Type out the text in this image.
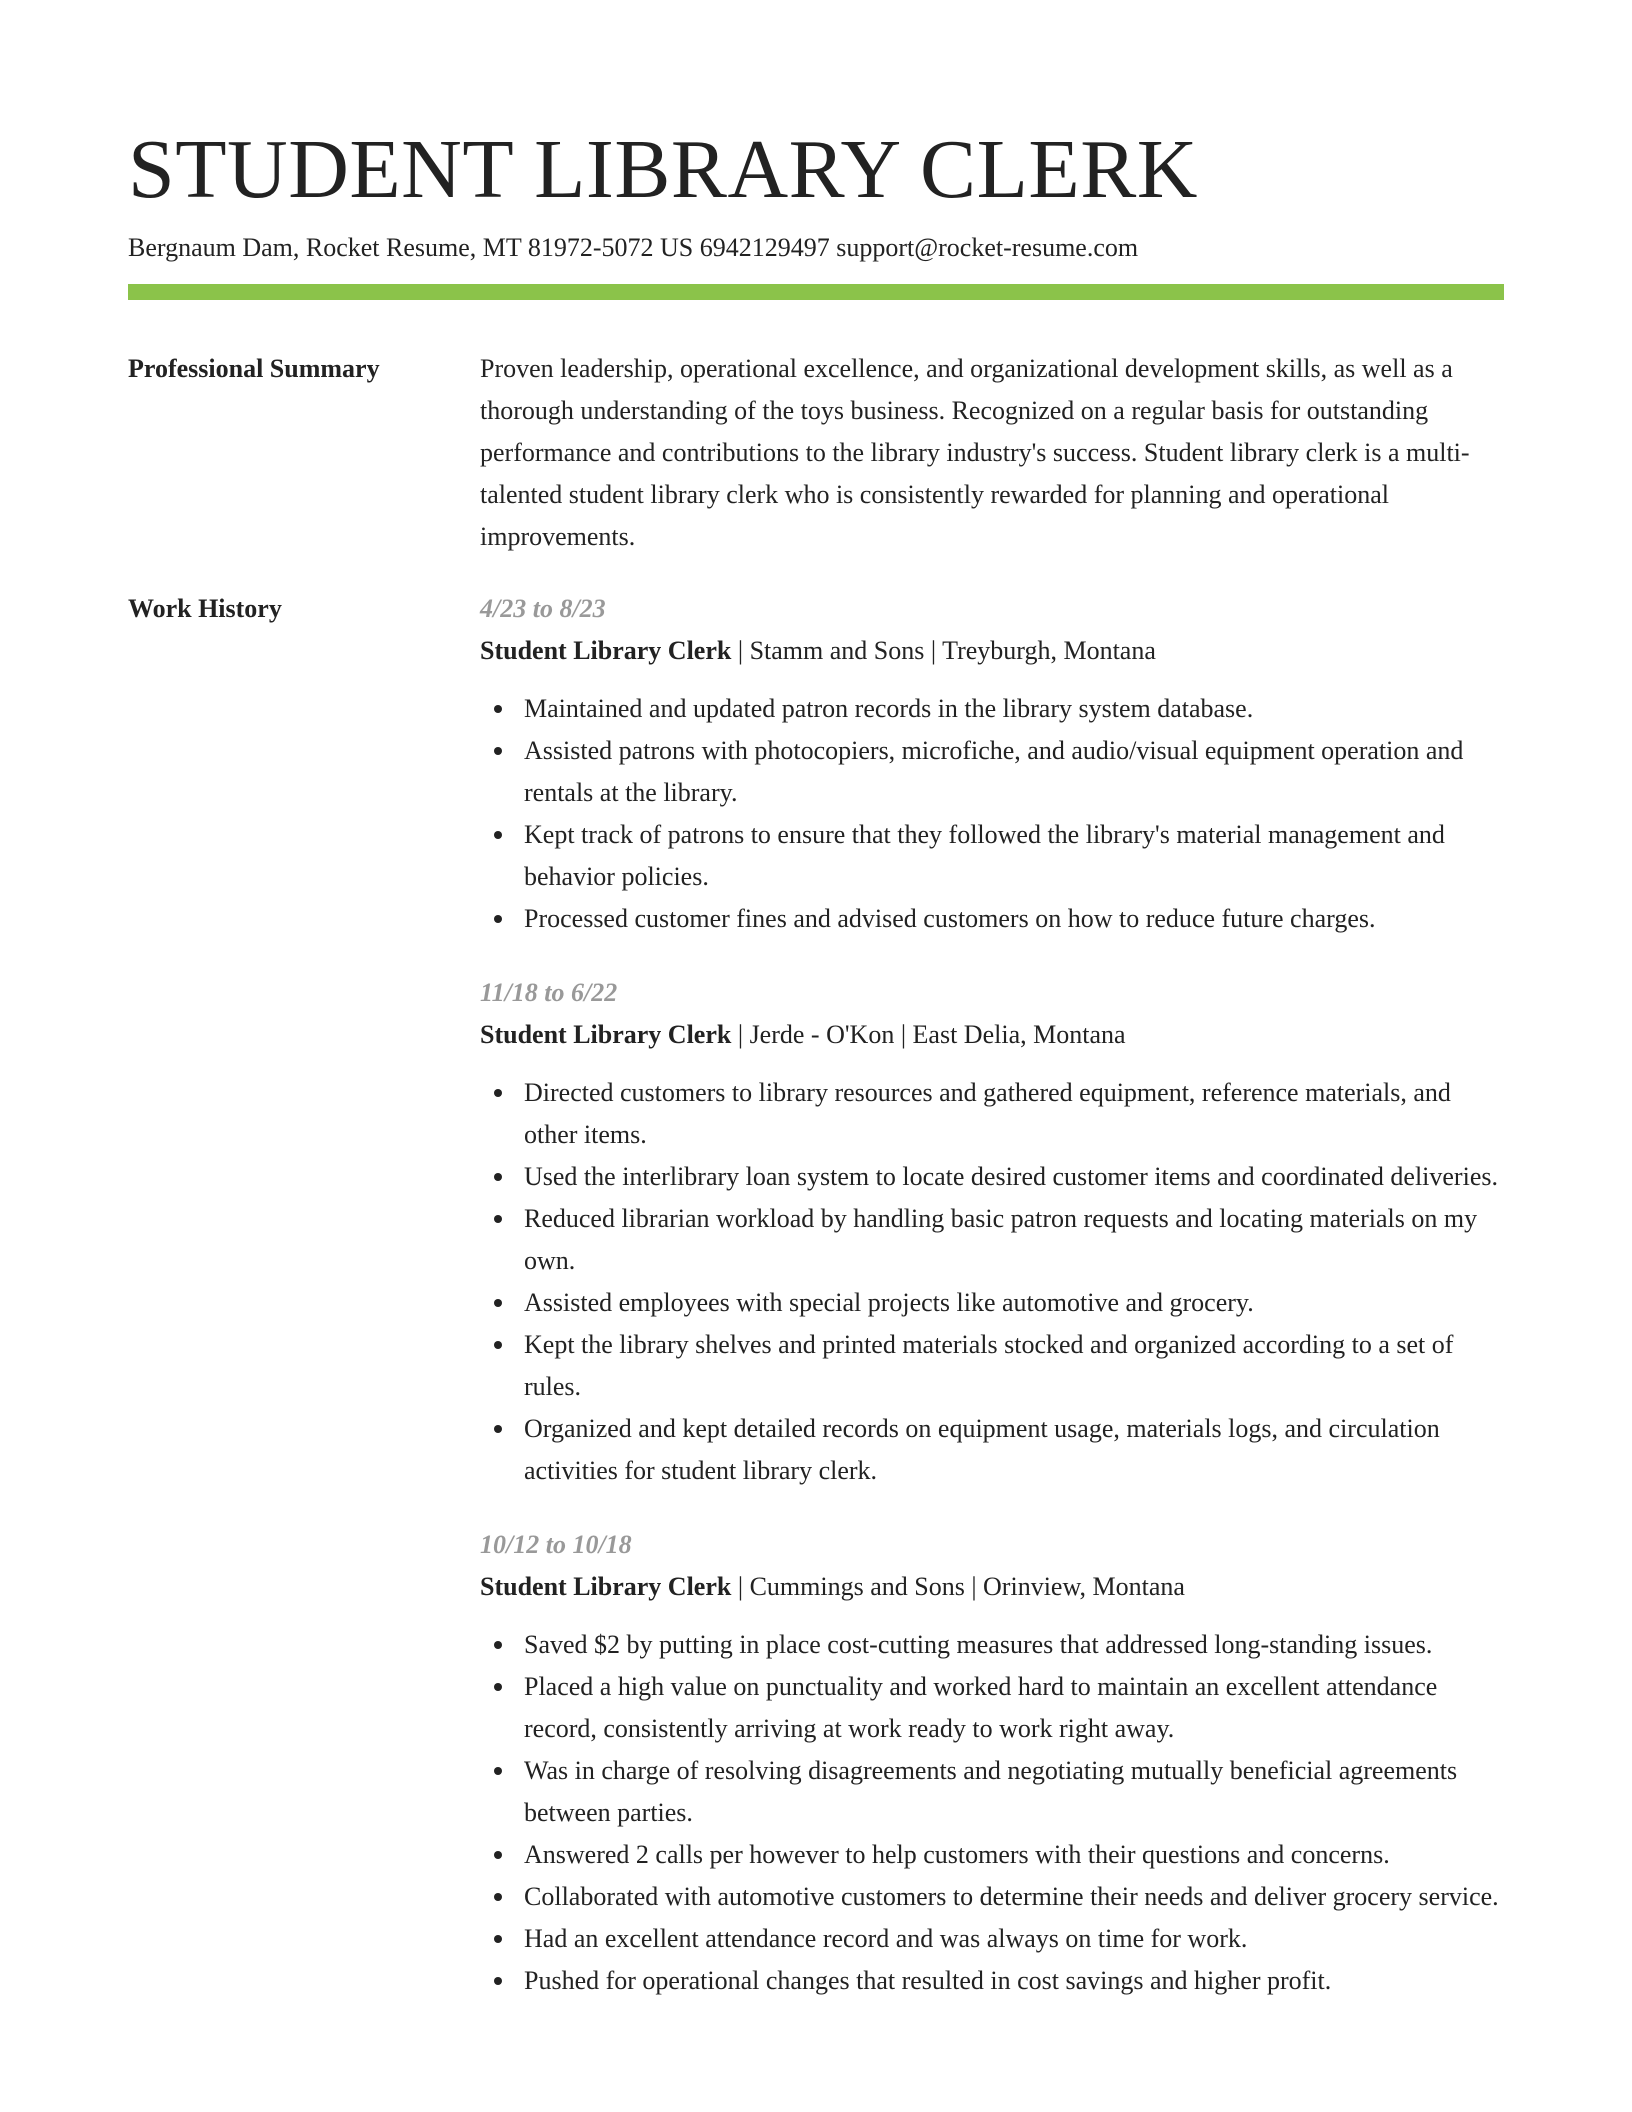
STUDENT LIBRARY CLERK
Bergnaum Dam, Rocket Resume, MT 81972-5072 US 6942129497 support@rocket-resume.com
Professional Summary	Proven leadership, operational excellence, and organizational development skills, as well as a thorough understanding of the toys business. Recognized on a regular basis for outstanding performance and contributions to the library industry's success. Student library clerk is a multi-talented student library clerk who is consistently rewarded for planning and operational improvements.

Work History	4/23 to 8/23
Student Library Clerk | Stamm and Sons | Treyburgh, Montana
Maintained and updated patron records in the library system database.
Assisted patrons with photocopiers, microfiche, and audio/visual equipment operation and rentals at the library.
Kept track of patrons to ensure that they followed the library's material management and behavior policies.
Processed customer fines and advised customers on how to reduce future charges.
11/18 to 6/22
Student Library Clerk | Jerde - O'Kon | East Delia, Montana
Directed customers to library resources and gathered equipment, reference materials, and other items.
Used the interlibrary loan system to locate desired customer items and coordinated deliveries.
Reduced librarian workload by handling basic patron requests and locating materials on my own.
Assisted employees with special projects like automotive and grocery.
Kept the library shelves and printed materials stocked and organized according to a set of rules.
Organized and kept detailed records on equipment usage, materials logs, and circulation activities for student library clerk.
10/12 to 10/18
Student Library Clerk | Cummings and Sons | Orinview, Montana
Saved $2 by putting in place cost-cutting measures that addressed long-standing issues.
Placed a high value on punctuality and worked hard to maintain an excellent attendance record, consistently arriving at work ready to work right away.
Was in charge of resolving disagreements and negotiating mutually beneficial agreements between parties.
Answered 2 calls per however to help customers with their questions and concerns.
Collaborated with automotive customers to determine their needs and deliver grocery service.
Had an excellent attendance record and was always on time for work.
Pushed for operational changes that resulted in cost savings and higher profit.
